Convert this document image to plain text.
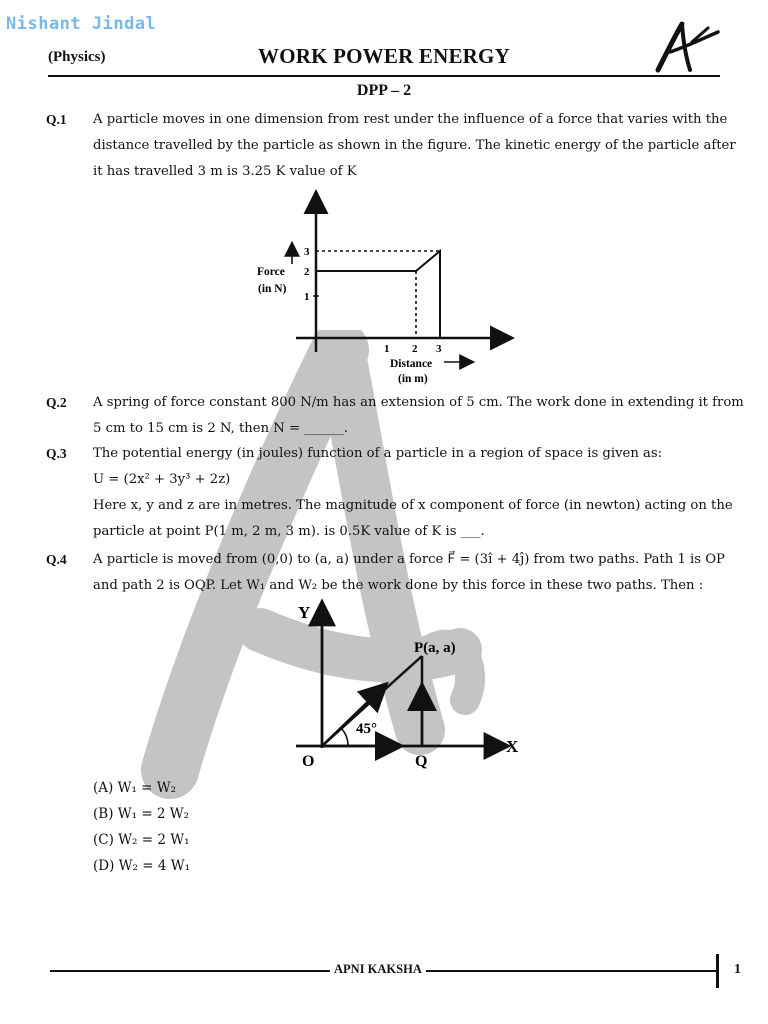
Nishant Jindal
(Physics)	WORK POWER ENERGY
DPP – 2
Q.1 A particle moves in one dimension from rest under the influence of a force that varies with the
distance travelled by the particle as shown in the figure. The kinetic energy of the particle after
it has travelled 3 m is 3.25 K value of K
1
2
3
1 2 3
Force
(in N)
Distance
(in m)
Q.2 A spring of force constant 800 N/m has an extension of 5 cm. The work done in extending it from
5 cm to 15 cm is 2 N, then N = ______.
Q.3 The potential energy (in joules) function of a particle in a region of space is given as:
U = (2x² + 3y³ + 2z)
Here x, y and z are in metres. The magnitude of x component of force (in newton) acting on the
particle at point P(1 m, 2 m, 3 m). is 0.5K value of K is ___.
Q.4 A particle is moved from (0,0) to (a, a) under a force F⃗ = (3î + 4ĵ) from two paths. Path 1 is OP
and path 2 is OQP. Let W₁ and W₂ be the work done by this force in these two paths. Then :
45°
Y
X
O	Q
P(a, a)
(A) W₁ = W₂
(B) W₁ = 2 W₂
(C) W₂ = 2 W₁
(D) W₂ = 4 W₁
APNI KAKSHA	1
